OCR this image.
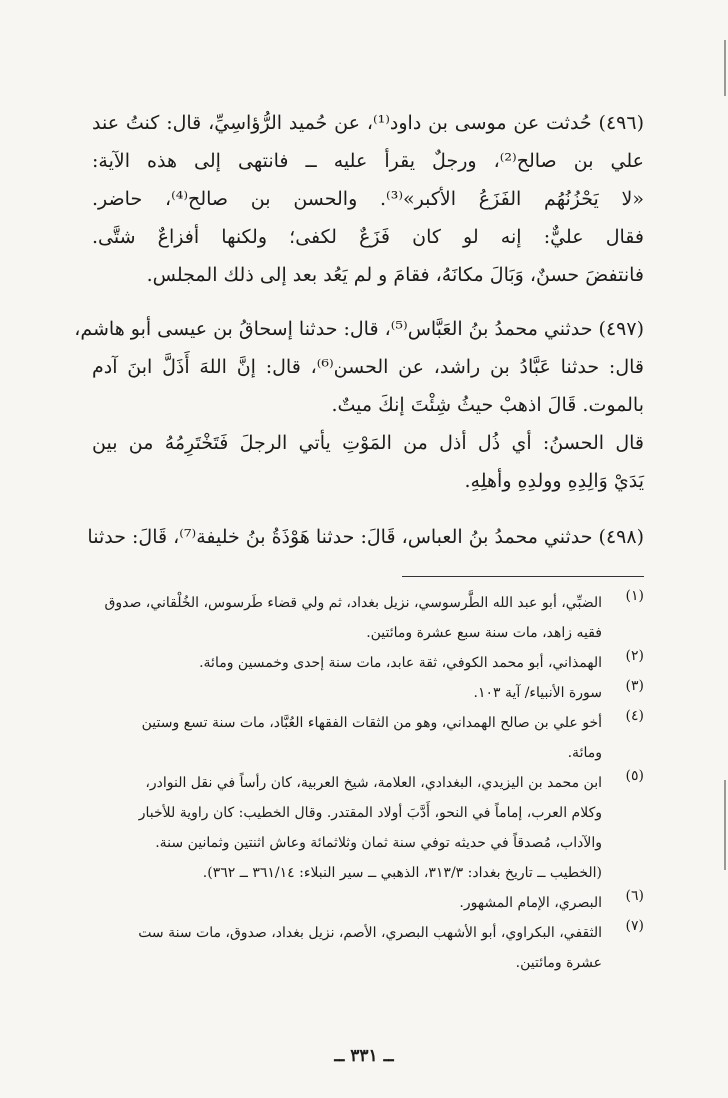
(٤٩٦) حُدثت عن موسى بن داود⁽¹⁾، عن حُميد الرُّؤاسِيِّ، قال: كنتُ عند
علي بن صالح⁽²⁾، ورجلٌ يقرأ عليه ــ فانتهى إلى هذه الآية:
«لا يَحْزُنُهُم الفَزَعُ الأكبر»⁽³⁾. والحسن بن صالح⁽⁴⁾، حاضر.
فقال عليٌّ: إنه لو كان فَزَعٌ لكفى؛ ولكنها أفزاعٌ شتَّى.
فانتفضَ حسنٌ، وَبَالَ مكانَهُ، فقامَ و لم يَعُد بعد إلى ذلك المجلس.
(٤٩٧) حدثني محمدُ بنُ العَبَّاس⁽⁵⁾، قال: حدثنا إسحاقُ بن عيسى أبو هاشم،
قال: حدثنا عَبَّادُ بن راشد، عن الحسن⁽⁶⁾، قال: إنَّ اللهَ أَذَلَّ ابنَ آدم
بالموت. قَالَ اذهبْ حيثُ شِئْتَ إنكَ ميتٌ.
قال الحسنُ: أي ذُل أذل من المَوْتِ يأتي الرجلَ فَتَخْتَرِمُهُ من بين
يَدَيْ وَالِدِهِ وولدِهِ وأهلِهِ.
(٤٩٨) حدثني محمدُ بنُ العباس، قَالَ: حدثنا هَوْذَةُ بنُ خليفة⁽⁷⁾، قَالَ: حدثنا
(١)
الضبِّي، أبو عبد الله الطَّرسوسي، نزيل بغداد، ثم ولي قضاء طَرسوس، الخُلْقاني، صدوق
فقيه زاهد، مات سنة سبع عشرة ومائتين.
(٢)
الهمذاني، أبو محمد الكوفي، ثقة عابد، مات سنة إحدى وخمسين ومائة.
(٣)
سورة الأنبياء/ آية ١٠٣.
(٤)
أخو علي بن صالح الهمداني، وهو من الثقات الفقهاء العُبَّاد، مات سنة تسع وستين
ومائة.
(٥)
ابن محمد بن اليزيدي، البغدادي، العلامة، شيخ العربية، كان رأساً في نقل النوادر،
وكلام العرب، إماماً في النحو، أَدَّبَ أولاد المقتدر. وقال الخطيب: كان راوية للأخبار
والآداب، مُصدقاً في حديثه توفي سنة ثمان وثلاثمائة وعاش اثنتين وثمانين سنة.
(الخطيب ــ تاريخ بغداد: ٣١٣/٣، الذهبي ــ سير النبلاء: ٣٦١/١٤ ــ ٣٦٢).
(٦)
البصري، الإمام المشهور.
(٧)
الثقفي، البكراوي، أبو الأشهب البصري، الأصم، نزيل بغداد، صدوق، مات سنة ست
عشرة ومائتين.
ــ ٣٣١ ــ
